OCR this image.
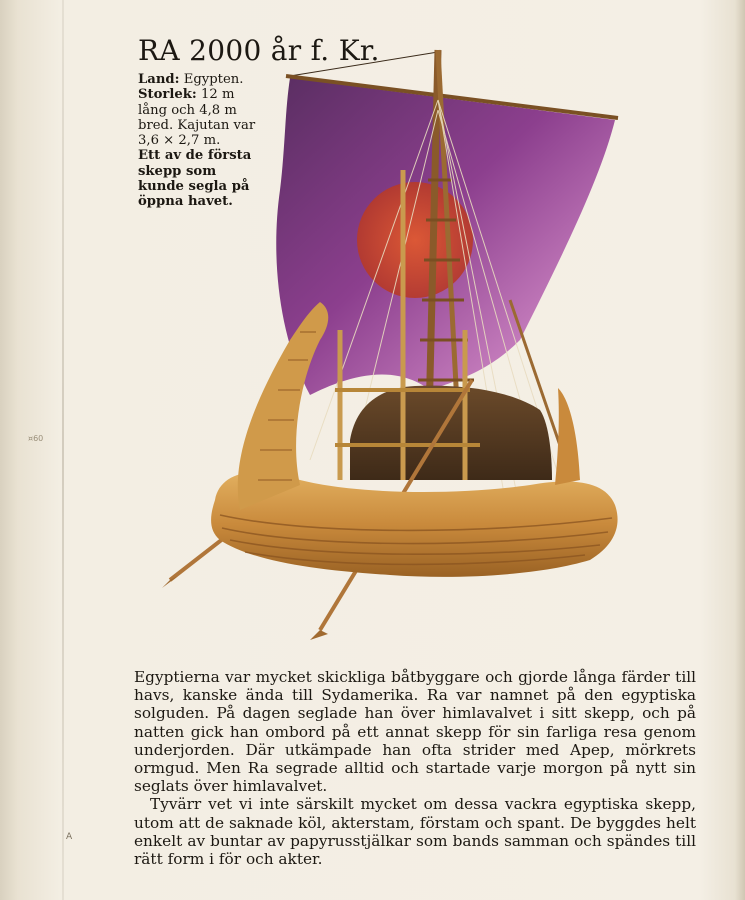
RA 2000 år f. Kr.
Land: Egypten.
Storlek: 12 m lång och 4,8 m bred. Kajutan var 3,6 × 2,7 m.
Ett av de första skepp som kunde segla på öppna havet.

Egyptierna var mycket skickliga båtbyggare och gjorde långa färder till havs, kanske ända till Sydamerika. Ra var namnet på den egyptiska solguden. På dagen seglade han över himlavalvet i sitt skepp, och på natten gick han ombord på ett annat skepp för sin farliga resa genom underjorden. Där utkämpade han ofta strider med Apep, mörkrets ormgud. Men Ra segrade alltid och startade varje morgon på nytt sin seglats över himlavalvet.

Tyvärr vet vi inte särskilt mycket om dessa vackra egyptiska skepp, utom att de saknade köl, akterstam, förstam och spant. De byggdes helt enkelt av buntar av papyrusstjälkar som bands samman och spändes till rätt form i för och akter.

¤60
A
